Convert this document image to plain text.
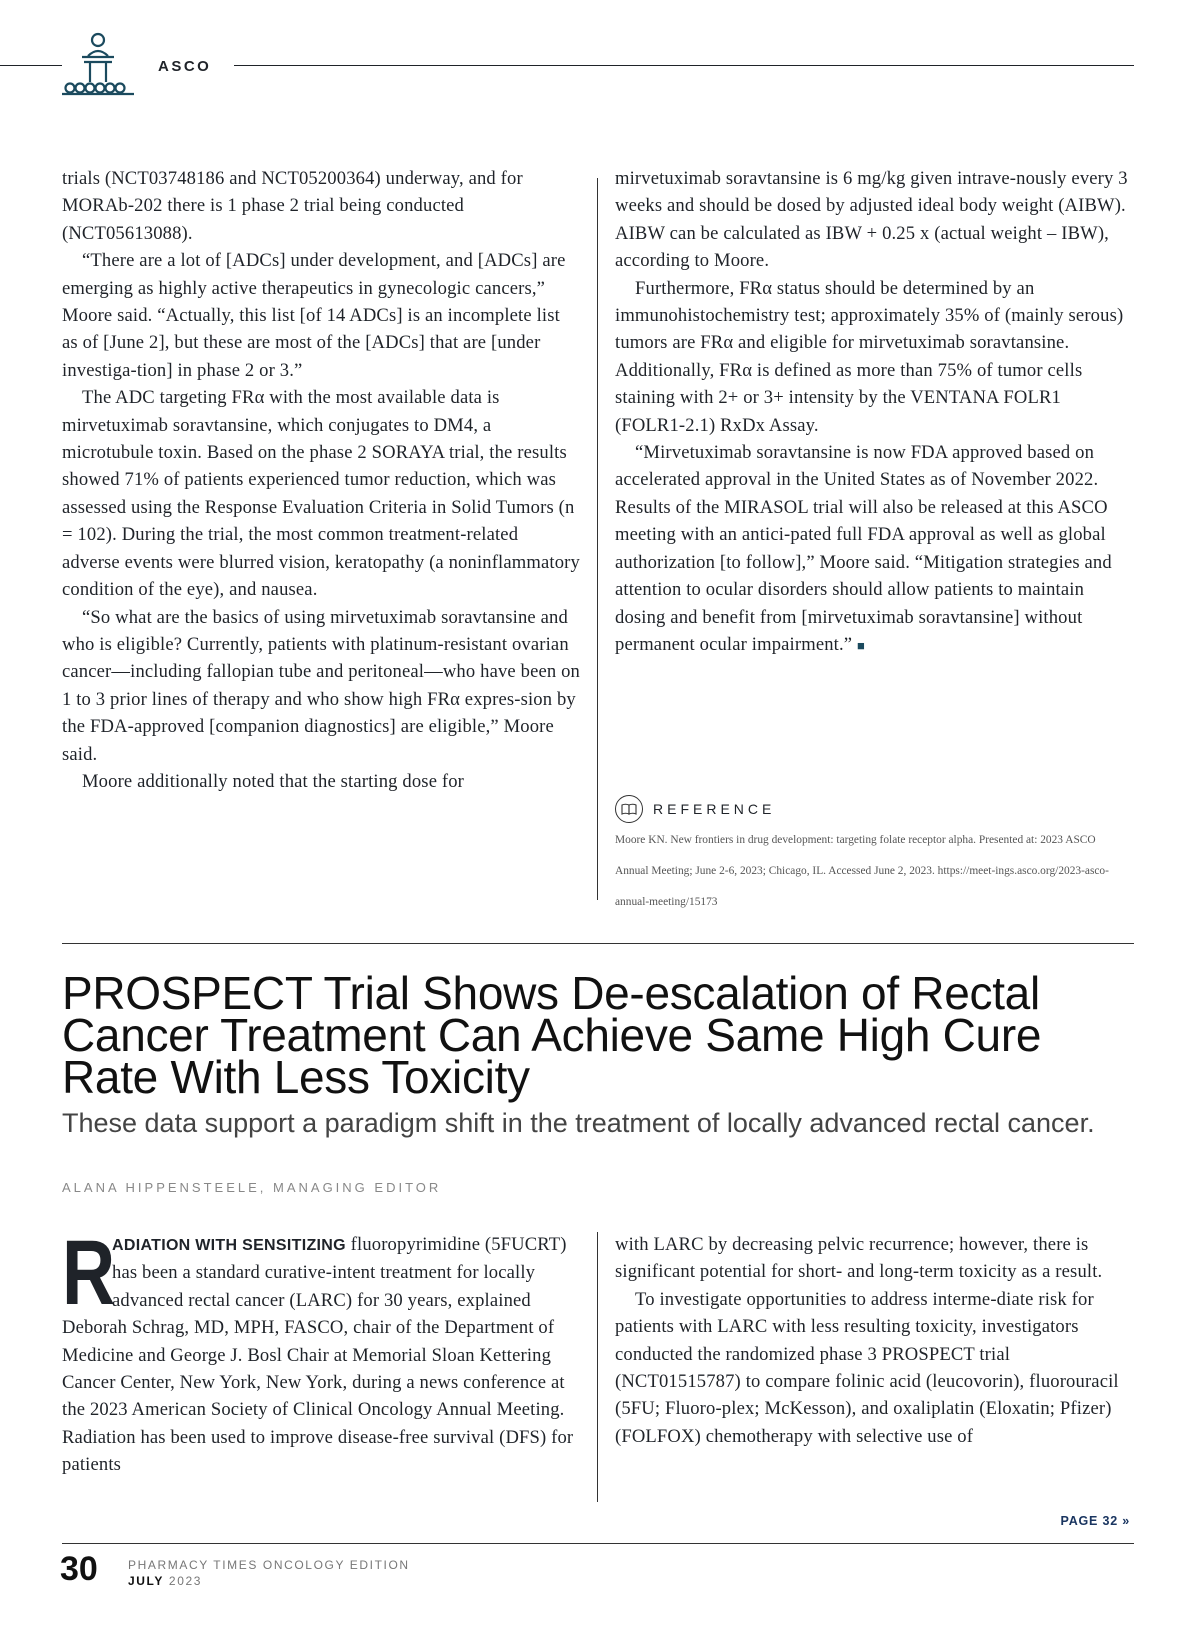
ASCO

trials (NCT03748186 and NCT05200364) underway, and for MORAb-202 there is 1 phase 2 trial being conducted (NCT05613088).

“There are a lot of [ADCs] under development, and [ADCs] are emerging as highly active therapeutics in gynecologic cancers,” Moore said. “Actually, this list [of 14 ADCs] is an incomplete list as of [June 2], but these are most of the [ADCs] that are [under investiga-tion] in phase 2 or 3.”

The ADC targeting FRα with the most available data is mirvetuximab soravtansine, which conjugates to DM4, a microtubule toxin. Based on the phase 2 SORAYA trial, the results showed 71% of patients experienced tumor reduction, which was assessed using the Response Evaluation Criteria in Solid Tumors (n = 102). During the trial, the most common treatment-related adverse events were blurred vision, keratopathy (a noninflammatory condition of the eye), and nausea.

“So what are the basics of using mirvetuximab soravtansine and who is eligible? Currently, patients with platinum-resistant ovarian cancer—including fallopian tube and peritoneal—who have been on 1 to 3 prior lines of therapy and who show high FRα expres-sion by the FDA-approved [companion diagnostics] are eligible,” Moore said.

Moore additionally noted that the starting dose for

mirvetuximab soravtansine is 6 mg/kg given intrave-nously every 3 weeks and should be dosed by adjusted ideal body weight (AIBW). AIBW can be calculated as IBW + 0.25 x (actual weight – IBW), according to Moore.

Furthermore, FRα status should be determined by an immunohistochemistry test; approximately 35% of (mainly serous) tumors are FRα and eligible for mirvetuximab soravtansine. Additionally, FRα is defined as more than 75% of tumor cells staining with 2+ or 3+ intensity by the VENTANA FOLR1 (FOLR1-2.1) RxDx Assay.

“Mirvetuximab soravtansine is now FDA approved based on accelerated approval in the United States as of November 2022. Results of the MIRASOL trial will also be released at this ASCO meeting with an antici-pated full FDA approval as well as global authorization [to follow],” Moore said. “Mitigation strategies and attention to ocular disorders should allow patients to maintain dosing and benefit from [mirvetuximab soravtansine] without permanent ocular impairment.” ■

REFERENCE
Moore KN. New frontiers in drug development: targeting folate receptor alpha. Presented at: 2023 ASCO Annual Meeting; June 2-6, 2023; Chicago, IL. Accessed June 2, 2023. https://meet-ings.asco.org/2023-asco-annual-meeting/15173
PROSPECT Trial Shows De-escalation of Rectal Cancer Treatment Can Achieve Same High Cure Rate With Less Toxicity
These data support a paradigm shift in the treatment of locally advanced rectal cancer.
ALANA HIPPENSTEELE, MANAGING EDITOR
R
ADIATION WITH SENSITIZING fluoropyrimidine (5FUCRT) has been a standard curative-intent treatment for locally advanced rectal cancer (LARC) for 30 years, explained Deborah Schrag, MD, MPH, FASCO, chair of the Department of Medicine and George J. Bosl Chair at Memorial Sloan Kettering Cancer Center, New York, New York, during a news conference at the 2023 American Society of Clinical Oncology Annual Meeting. Radiation has been used to improve disease-free survival (DFS) for patients

with LARC by decreasing pelvic recurrence; however, there is significant potential for short- and long-term toxicity as a result.

To investigate opportunities to address interme-diate risk for patients with LARC with less resulting toxicity, investigators conducted the randomized phase 3 PROSPECT trial (NCT01515787) to compare folinic acid (leucovorin), fluorouracil (5FU; Fluoro-plex; McKesson), and oxaliplatin (Eloxatin; Pfizer) (FOLFOX) chemotherapy with selective use of

PAGE 32 »
30	PHARMACY TIMES ONCOLOGY EDITION
JULY 2023
